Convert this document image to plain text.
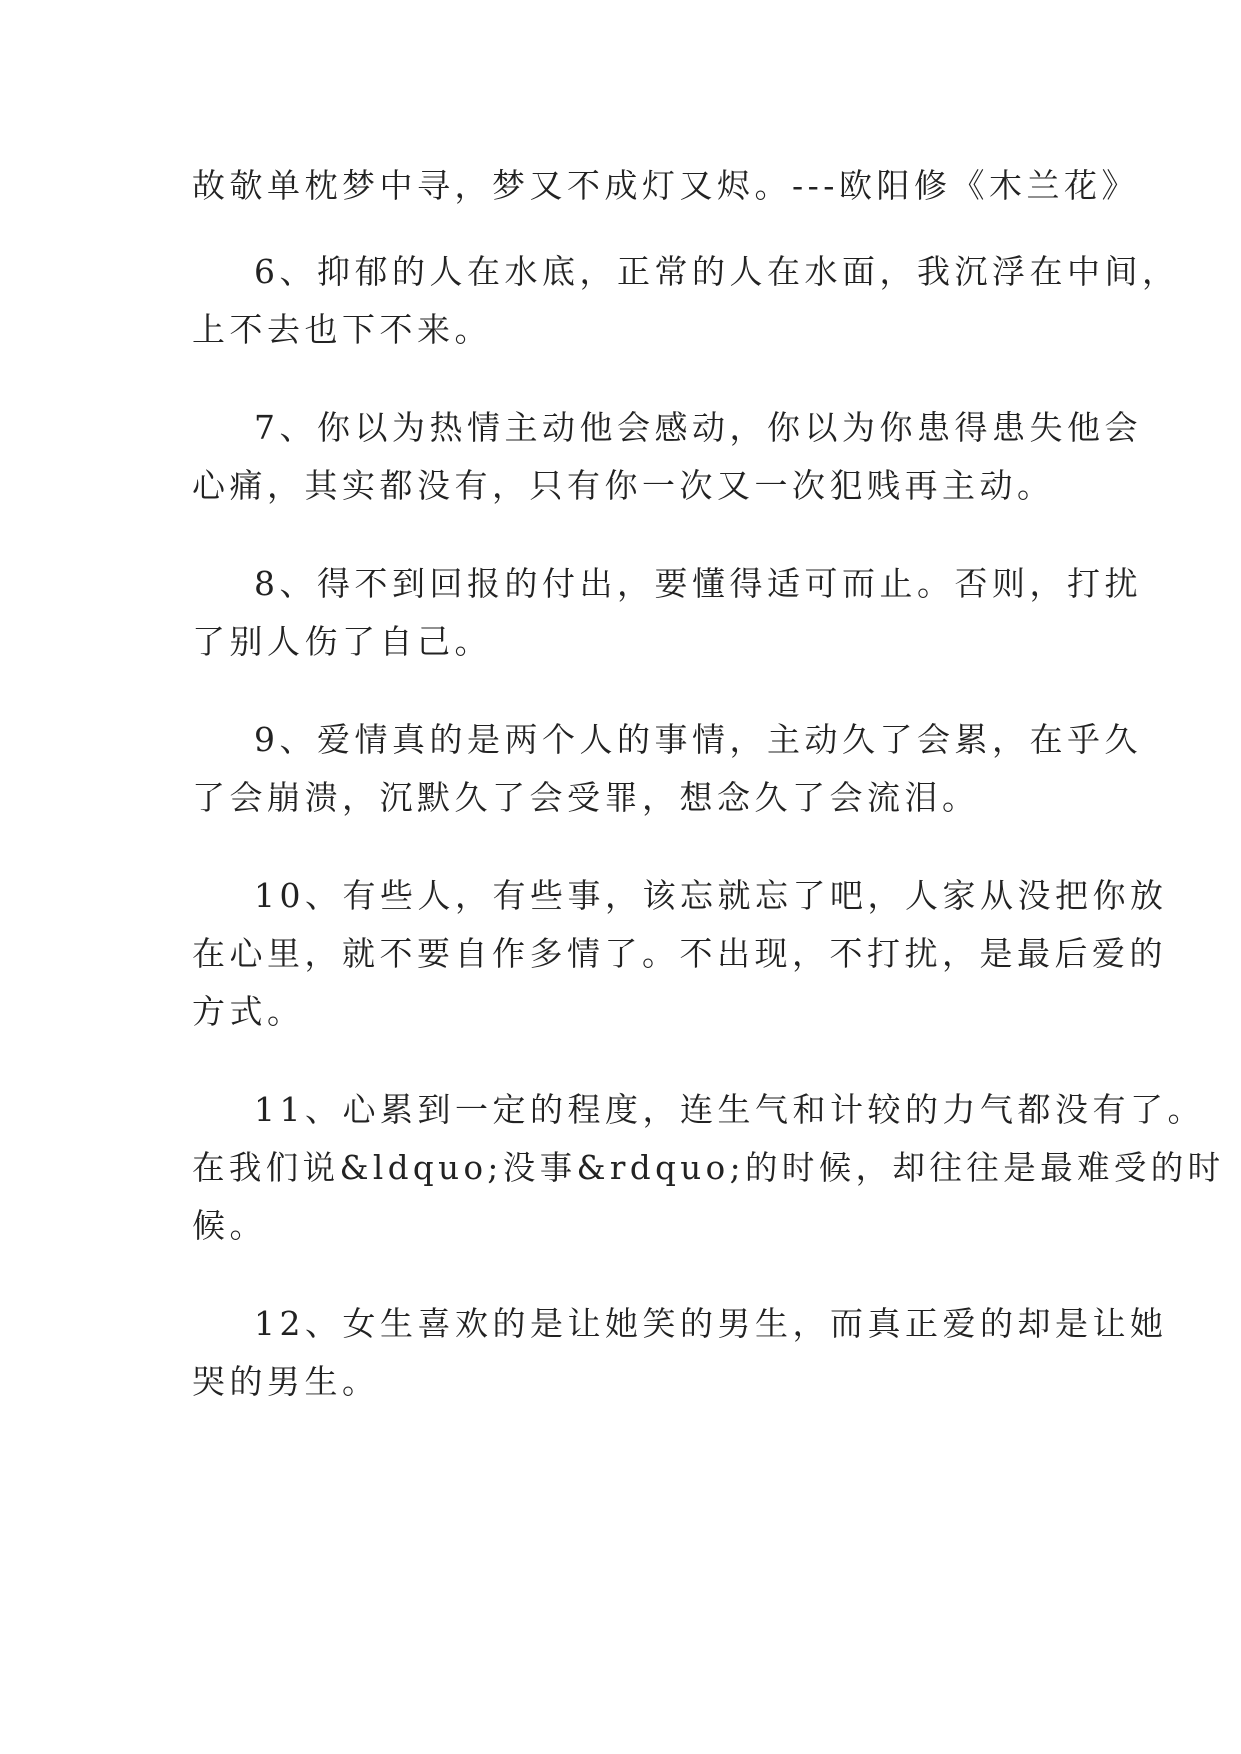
故欹单枕梦中寻，梦又不成灯又烬。---欧阳修《木兰花》

6、抑郁的人在水底，正常的人在水面，我沉浮在中间，

上不去也下不来。

7、你以为热情主动他会感动，你以为你患得患失他会

心痛，其实都没有，只有你一次又一次犯贱再主动。

8、得不到回报的付出，要懂得适可而止。否则，打扰

了别人伤了自己。

9、爱情真的是两个人的事情，主动久了会累，在乎久

了会崩溃，沉默久了会受罪，想念久了会流泪。

10、有些人，有些事，该忘就忘了吧，人家从没把你放

在心里，就不要自作多情了。不出现，不打扰，是最后爱的

方式。

11、心累到一定的程度，连生气和计较的力气都没有了。

在我们说&ldquo;没事&rdquo;的时候，却往往是最难受的时

候。

12、女生喜欢的是让她笑的男生，而真正爱的却是让她

哭的男生。
